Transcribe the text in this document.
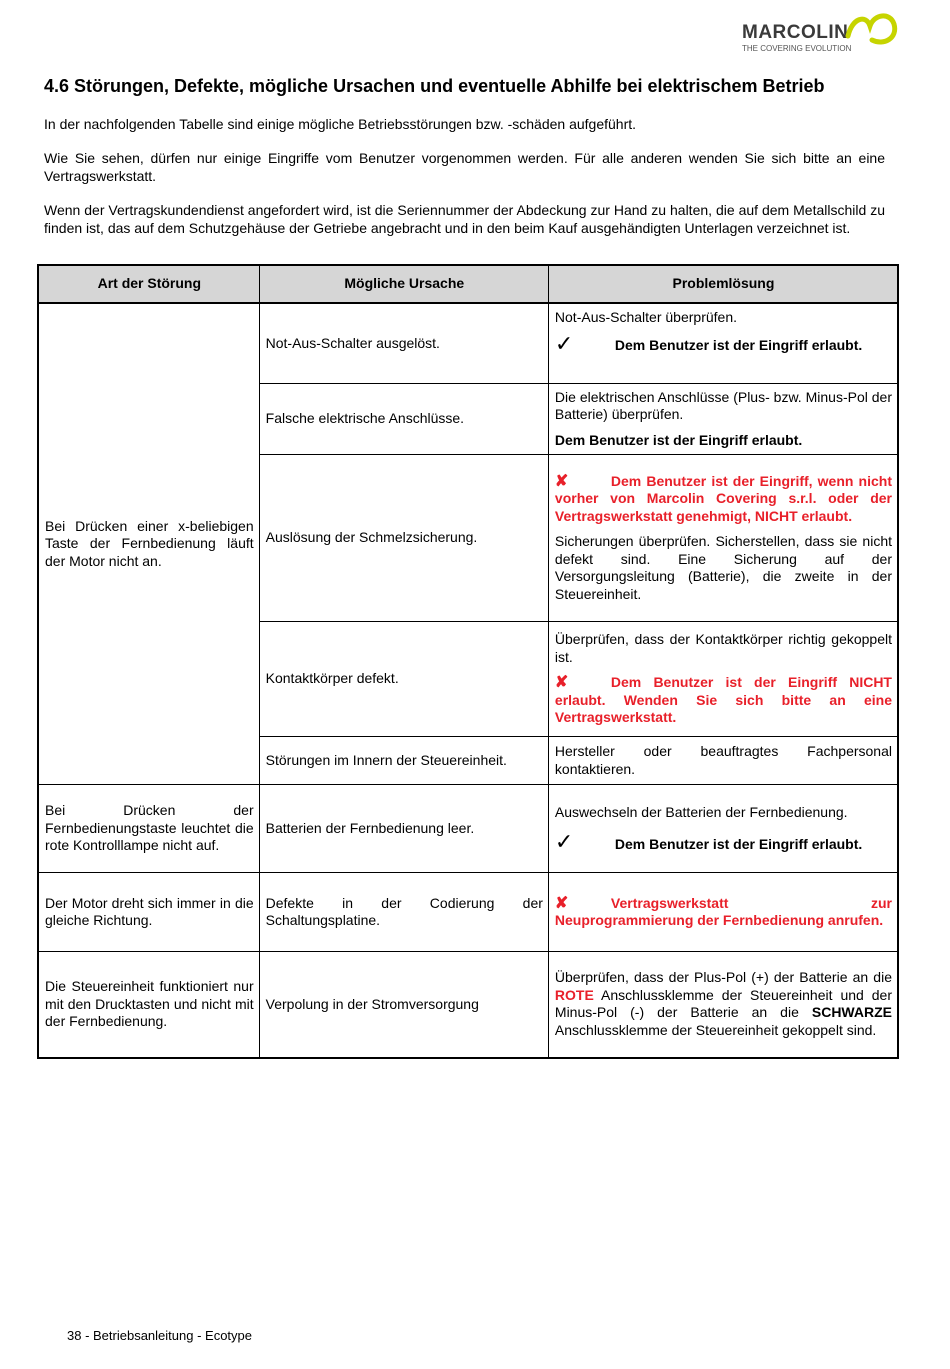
MARCOLIN
THE COVERING EVOLUTION
4.6 Störungen, Defekte, mögliche Ursachen und eventuelle Abhilfe bei elektrischem Betrieb
In der nachfolgenden Tabelle sind einige mögliche Betriebsstörungen bzw. -schäden aufgeführt.
Wie Sie sehen, dürfen nur einige Eingriffe vom Benutzer vorgenommen werden. Für alle anderen wenden Sie sich bitte an eine Vertragswerkstatt.
Wenn der Vertragskundendienst angefordert wird, ist die Seriennummer der Abdeckung zur Hand zu halten, die auf dem Metallschild zu finden ist, das auf dem Schutzgehäuse der Getriebe angebracht und in den beim Kauf ausgehändigten Unterlagen verzeichnet ist.
Art der Störung	Mögliche Ursache	Problemlösung
Bei Drücken einer x-beliebigen Taste der Fernbedienung läuft der Motor nicht an.	Not-Aus-Schalter ausgelöst.	Not-Aus-Schalter überprüfen.
✓ Dem Benutzer ist der Eingriff erlaubt.

	Falsche elektrische Anschlüsse.	Die elektrischen Anschlüsse (Plus- bzw. Minus-Pol der Batterie) überprüfen.
Dem Benutzer ist der Eingriff erlaubt.

	Auslösung der Schmelzsicherung.	✘ Dem Benutzer ist der Eingriff, wenn nicht vorher von Marcolin Covering s.r.l. oder der Vertragswerkstatt genehmigt, NICHT erlaubt.
Sicherungen überprüfen. Sicherstellen, dass sie nicht defekt sind. Eine Sicherung auf der Versorgungsleitung (Batterie), die zweite in der Steuereinheit.

	Kontaktkörper defekt.	Überprüfen, dass der Kontaktkörper richtig gekoppelt ist.
✘ Dem Benutzer ist der Eingriff NICHT erlaubt. Wenden Sie sich bitte an eine Vertragswerkstatt.

	Störungen im Innern der Steuereinheit.	Hersteller oder beauftragtes Fachpersonal kontaktieren.
Bei Drücken der Fernbedienungstaste leuchtet die rote Kontrolllampe nicht auf.	Batterien der Fernbedienung leer.	Auswechseln der Batterien der Fernbedienung.
✓ Dem Benutzer ist der Eingriff erlaubt.

Der Motor dreht sich immer in die gleiche Richtung.	Defekte in der Codierung der Schaltungsplatine.	✘ Vertragswerkstatt zur Neuprogrammierung der Fernbedienung anrufen.

Die Steuereinheit funktioniert nur mit den Drucktasten und nicht mit der Fernbedienung.	Verpolung in der Stromversorgung	Überprüfen, dass der Plus-Pol (+) der Batterie an die ROTE Anschlussklemme der Steuereinheit und der Minus-Pol (-) der Batterie an die SCHWARZE Anschlussklemme der Steuereinheit gekoppelt sind.
38 - Betriebsanleitung - Ecotype
